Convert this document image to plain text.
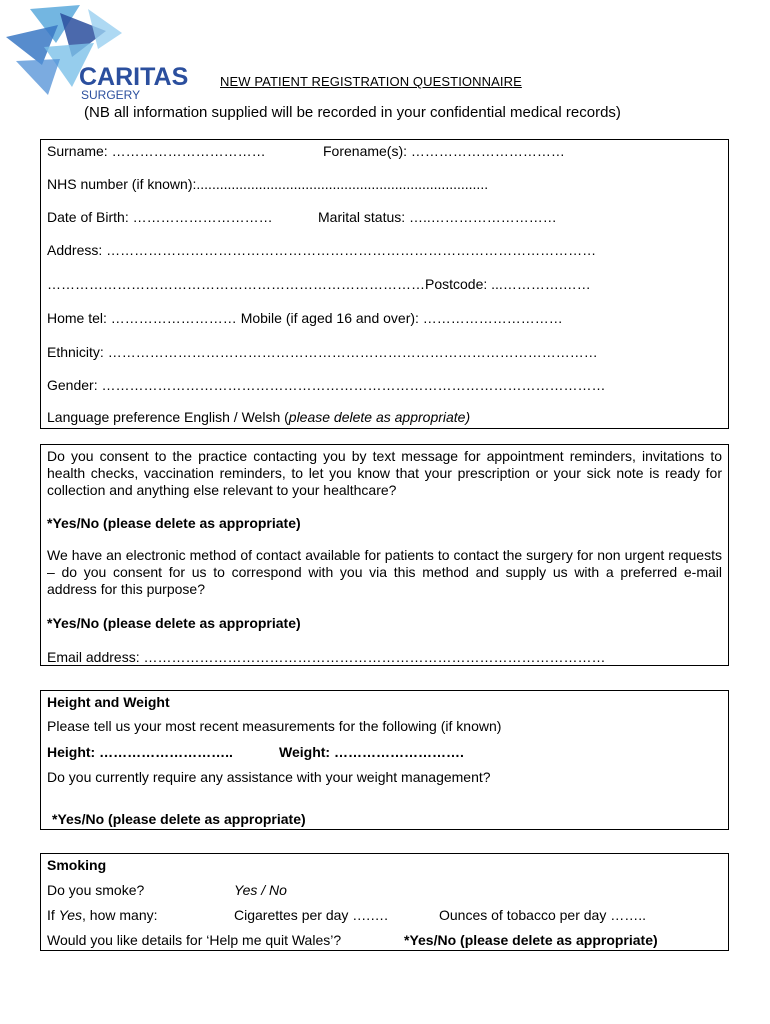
CARITAS
SURGERY
NEW PATIENT REGISTRATION QUESTIONNAIRE
(NB all information supplied will be recorded in your confidential medical records)
Surname: ……………………………	Forename(s): ……………………………
NHS number (if known):...........................................................................
Date of Birth: …………………………	Marital status: …..………………………
Address: ……………………………………………………………………………………………
………………………………………………………………………Postcode: ...………….……
Home tel: ……………………… Mobile (if aged 16 and over): …………………………
Ethnicity: ……………………………………………………………………………………………
Gender: ………………………………………………………………………………………………
Language preference English / Welsh (please delete as appropriate)
Do you consent to the practice contacting you by text message for appointment reminders, invitations to health checks, vaccination reminders, to let you know that your prescription or your sick note is ready for collection and anything else relevant to your healthcare?
*Yes/No (please delete as appropriate)
We have an electronic method of contact available for patients to contact the surgery for non urgent requests – do you consent for us to correspond with you via this method and supply us with a preferred e-mail address for this purpose?
*Yes/No (please delete as appropriate)
Email address: ………………………………………………………………………………………
Height and Weight
Please tell us your most recent measurements for the following (if known)
Height: ………………………..	Weight: ……………………….
Do you currently require any assistance with your weight management?
*Yes/No (please delete as appropriate)
Smoking
Do you smoke?	Yes / No
If Yes, how many:	Cigarettes per day ….….	Ounces of tobacco per day ……..
Would you like details for ‘Help me quit Wales’?	*Yes/No (please delete as appropriate)
